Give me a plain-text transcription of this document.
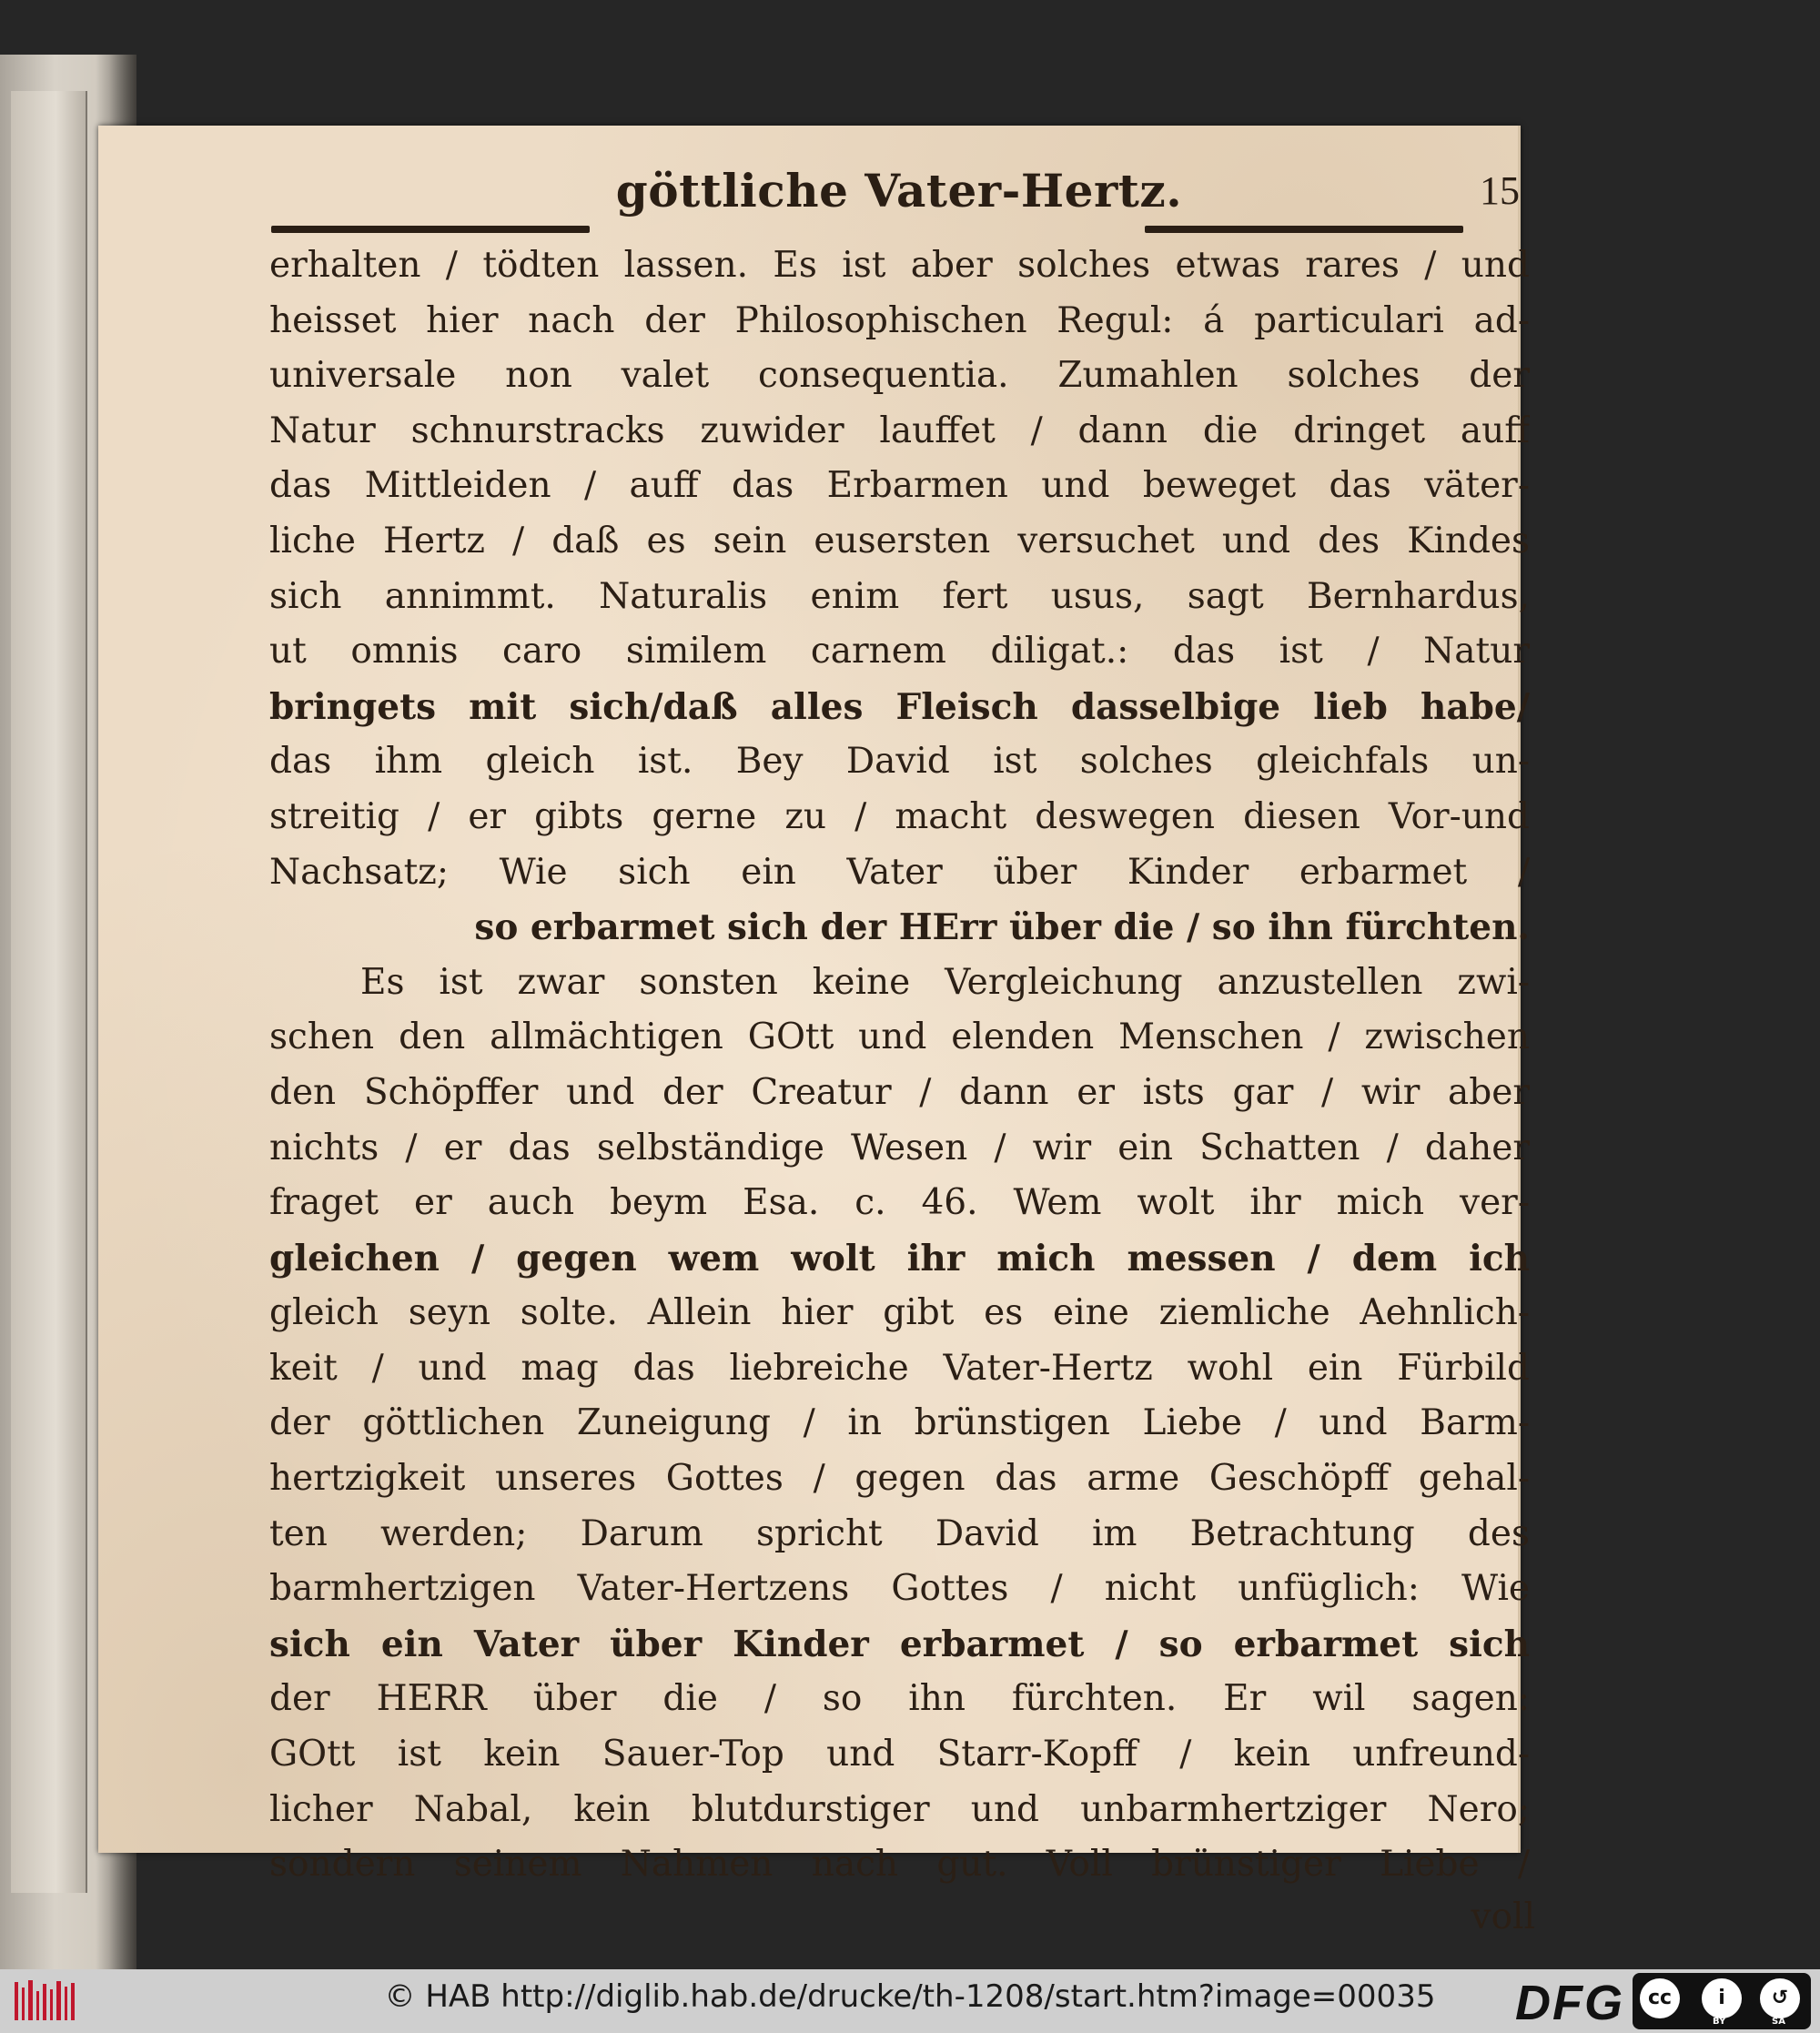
göttliche Vater-Hertz.	15
erhalten / tödten lassen. Es ist aber solches etwas rares / und
heisset hier nach der Philosophischen Regul: á particulari ad-
universale non valet consequentia. Zumahlen solches der
Natur schnurstracks zuwider lauffet / dann die dringet auff
das Mittleiden / auff das Erbarmen und beweget das väter-
liche Hertz / daß es sein eusersten versuchet und des Kindes
sich annimmt. Naturalis enim fert usus, sagt Bernhardus,
ut omnis caro similem carnem diligat.: das ist / Natur
bringets mit sich/daß alles Fleisch dasselbige lieb habe/
das ihm gleich ist. Bey David ist solches gleichfals un-
streitig / er gibts gerne zu / macht deswegen diesen Vor-und
Nachsatz; Wie sich ein Vater über Kinder erbarmet /
so erbarmet sich der HErr über die / so ihn fürchten.
Es ist zwar sonsten keine Vergleichung anzustellen zwi-
schen den allmächtigen GOtt und elenden Menschen / zwischen
den Schöpffer und der Creatur / dann er ists gar / wir aber
nichts / er das selbständige Wesen / wir ein Schatten / daher
fraget er auch beym Esa. c. 46. Wem wolt ihr mich ver-
gleichen / gegen wem wolt ihr mich messen / dem ich
gleich seyn solte. Allein hier gibt es eine ziemliche Aehnlich-
keit / und mag das liebreiche Vater-Hertz wohl ein Fürbild
der göttlichen Zuneigung / in brünstigen Liebe / und Barm-
hertzigkeit unseres Gottes / gegen das arme Geschöpff gehal-
ten werden; Darum spricht David im Betrachtung des
barmhertzigen Vater-Hertzens Gottes / nicht unfüglich: Wie
sich ein Vater über Kinder erbarmet / so erbarmet sich
der HERR über die / so ihn fürchten. Er wil sagen:
GOtt ist kein Sauer-Top und Starr-Kopff / kein unfreund-
licher Nabal, kein blutdurstiger und unbarmhertziger Nero;
sondern seinem Nahmen nach gut. Voll brünstiger Liebe /
voll
© HAB http://diglib.hab.de/drucke/th-1208/start.htm?image=00035	DFG	cc	i
BY
↺
SA
